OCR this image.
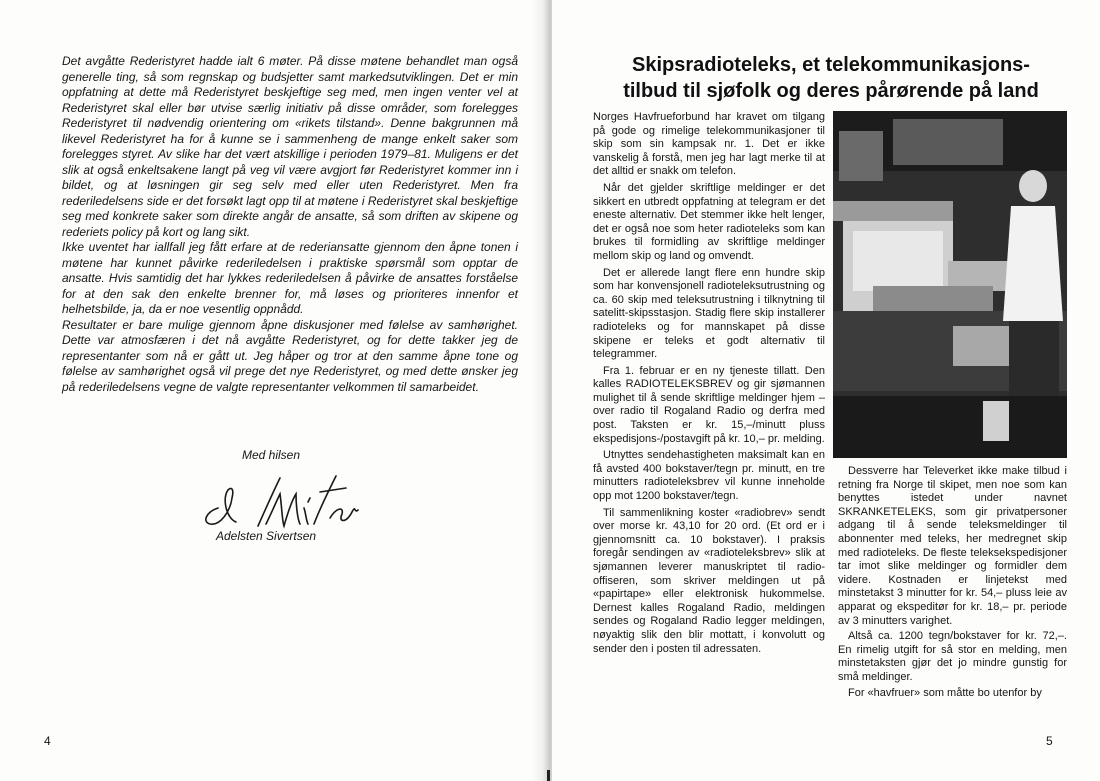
Det avgåtte Rederistyret hadde ialt 6 møter. På disse møtene behandlet man også generelle ting, så som regnskap og budsjetter samt markedsutviklingen. Det er min oppfatning at dette må Rederistyret beskjeftige seg med, men ingen venter vel at Rederistyret skal eller bør utvise særlig initiativ på disse områder, som forelegges Rederistyret til nødvendig orientering om «rikets tilstand». Denne bakgrunnen må likevel Rederistyret ha for å kunne se i sammenheng de mange enkelt saker som forelegges styret. Av slike har det vært atskillige i perioden 1979–81. Muligens er det slik at også enkeltsakene langt på veg vil være avgjort før Rederistyret kommer inn i bildet, og at løsningen gir seg selv med eller uten Rederistyret. Men fra rederiledelsens side er det forsøkt lagt opp til at møtene i Rederistyret skal beskjeftige seg med konkrete saker som direkte angår de ansatte, så som driften av skipene og rederiets policy på kort og lang sikt.

Ikke uventet har iallfall jeg fått erfare at de rederiansatte gjennom den åpne tonen i møtene har kunnet påvirke rederiledelsen i praktiske spørsmål som opptar de ansatte. Hvis samtidig det har lykkes rederiledelsen å påvirke de ansattes forståelse for at den sak den enkelte brenner for, må løses og prioriteres innenfor et helhetsbilde, ja, da er noe vesentlig oppnådd.

Resultater er bare mulige gjennom åpne diskusjoner med følelse av samhørighet. Dette var atmosfæren i det nå avgåtte Rederistyret, og for dette takker jeg de representanter som nå er gått ut. Jeg håper og tror at den samme åpne tone og følelse av samhørighet også vil prege det nye Rederistyret, og med dette ønsker jeg på rederiledelsens vegne de valgte representanter velkommen til samarbeidet.

Med hilsen
Adelsten Sivertsen
4
Skipsradioteleks, et telekommunikasjons-
tilbud til sjøfolk og deres pårørende på land

Norges Havfrueforbund har kravet om tilgang på gode og rimelige telekommunikasjoner til skip som sin kampsak nr. 1. Det er ikke vanskelig å forstå, men jeg har lagt merke til at det alltid er snakk om telefon.

Når det gjelder skriftlige meldinger er det sikkert en utbredt oppfatning at telegram er det eneste alternativ. Det stemmer ikke helt lenger, det er også noe som heter radioteleks som kan brukes til formidling av skriftlige meldinger mellom skip og land og omvendt.

Det er allerede langt flere enn hundre skip som har konvensjonell radioteleksutrustning og ca. 60 skip med teleksutrustning i tilknytning til satelitt-skipsstasjon. Stadig flere skip installerer radioteleks og for mannskapet på disse skipene er teleks et godt alternativ til telegrammer.

Fra 1. februar er en ny tjeneste tillatt. Den kalles RADIOTELEKSBREV og gir sjømannen mulighet til å sende skriftlige meldinger hjem – over radio til Rogaland Radio og derfra med post. Taksten er kr. 15,–/minutt pluss ekspedisjons-/postavgift på kr. 10,– pr. melding.

Utnyttes sendehastigheten maksimalt kan en få avsted 400 bokstaver/tegn pr. minutt, en tre minutters radioteleksbrev vil kunne inneholde opp mot 1200 bokstaver/tegn.

Til sammenlikning koster «radiobrev» sendt over morse kr. 43,10 for 20 ord. (Et ord er i gjennomsnitt ca. 10 bokstaver). I praksis foregår sendingen av «radioteleksbrev» slik at sjømannen leverer manuskriptet til radio-offiseren, som skriver meldingen ut på «papirtape» eller elektronisk hukommelse. Dernest kalles Rogaland Radio, meldingen sendes og Rogaland Radio legger meldingen, nøyaktig slik den blir mottatt, i konvolutt og sender den i posten til adressaten.

Dessverre har Televerket ikke make tilbud i retning fra Norge til skipet, men noe som kan benyttes istedet under navnet SKRANKETELEKS, som gir privatpersoner adgang til å sende teleksmeldinger til abonnenter med teleks, her medregnet skip med radioteleks. De fleste teleksekspedisjoner tar imot slike meldinger og formidler dem videre. Kostnaden er linjetekst med minstetakst 3 minutter for kr. 54,– pluss leie av apparat og ekspeditør for kr. 18,– pr. periode av 3 minutters varighet.

Altså ca. 1200 tegn/bokstaver for kr. 72,–. En rimelig utgift for så stor en melding, men minstetaksten gjør det jo mindre gunstig for små meldinger.

For «havfruer» som måtte bo utenfor by

5
